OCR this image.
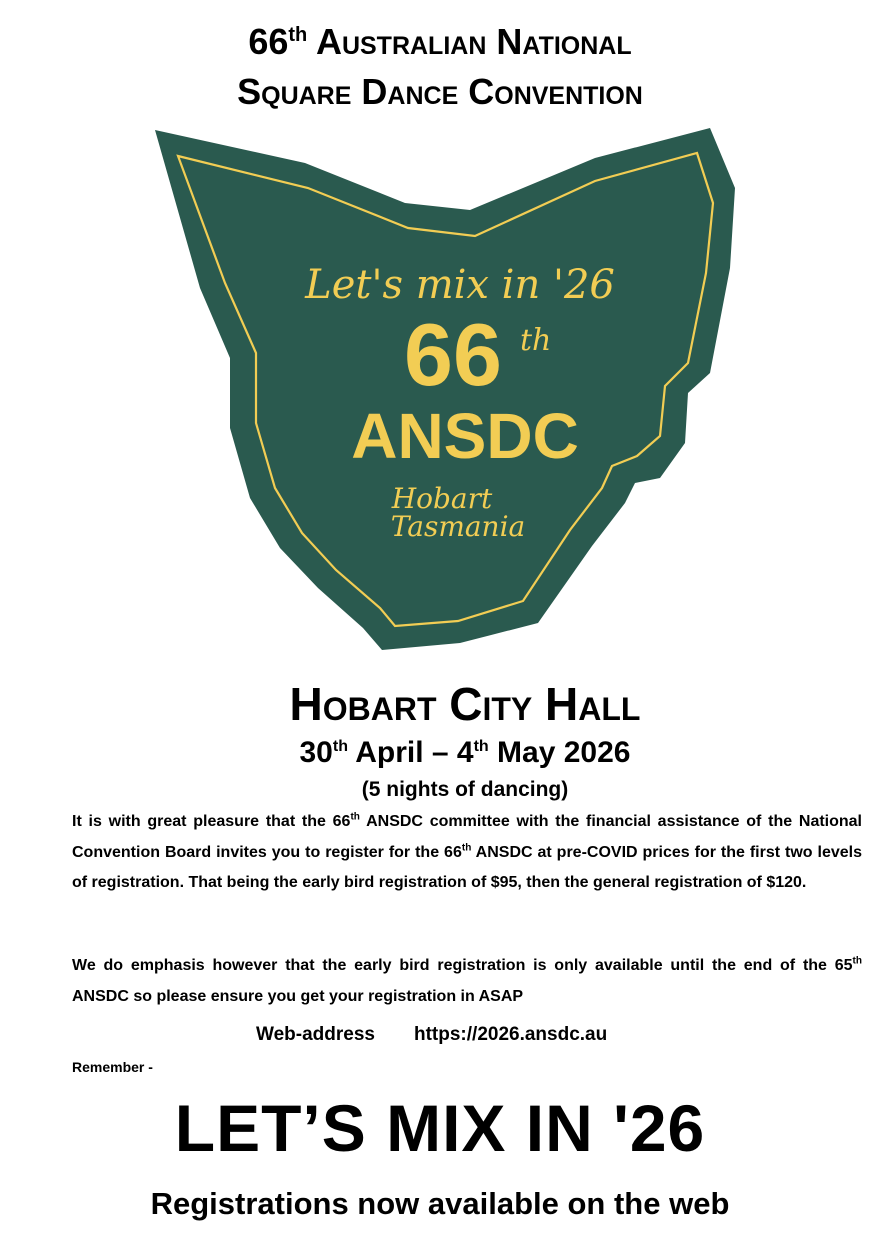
66th Australian National
Square Dance Convention
Let's mix in '26
66 th
ANSDC
Hobart
Tasmania
Hobart City Hall
30th April – 4th May 2026
(5 nights of dancing)

It is with great pleasure that the 66th ANSDC committee with the financial assistance of the National Convention Board invites you to register for the 66th ANSDC at pre-COVID prices for the first two levels of registration. That being the early bird registration of $95, then the general registration of $120.

We do emphasis however that the early bird registration is only available until the end of the 65th ANSDC so please ensure you get your registration in ASAP

Web-address https://2026.ansdc.au
Remember -
LET’S MIX IN '26
Registrations now available on the web
